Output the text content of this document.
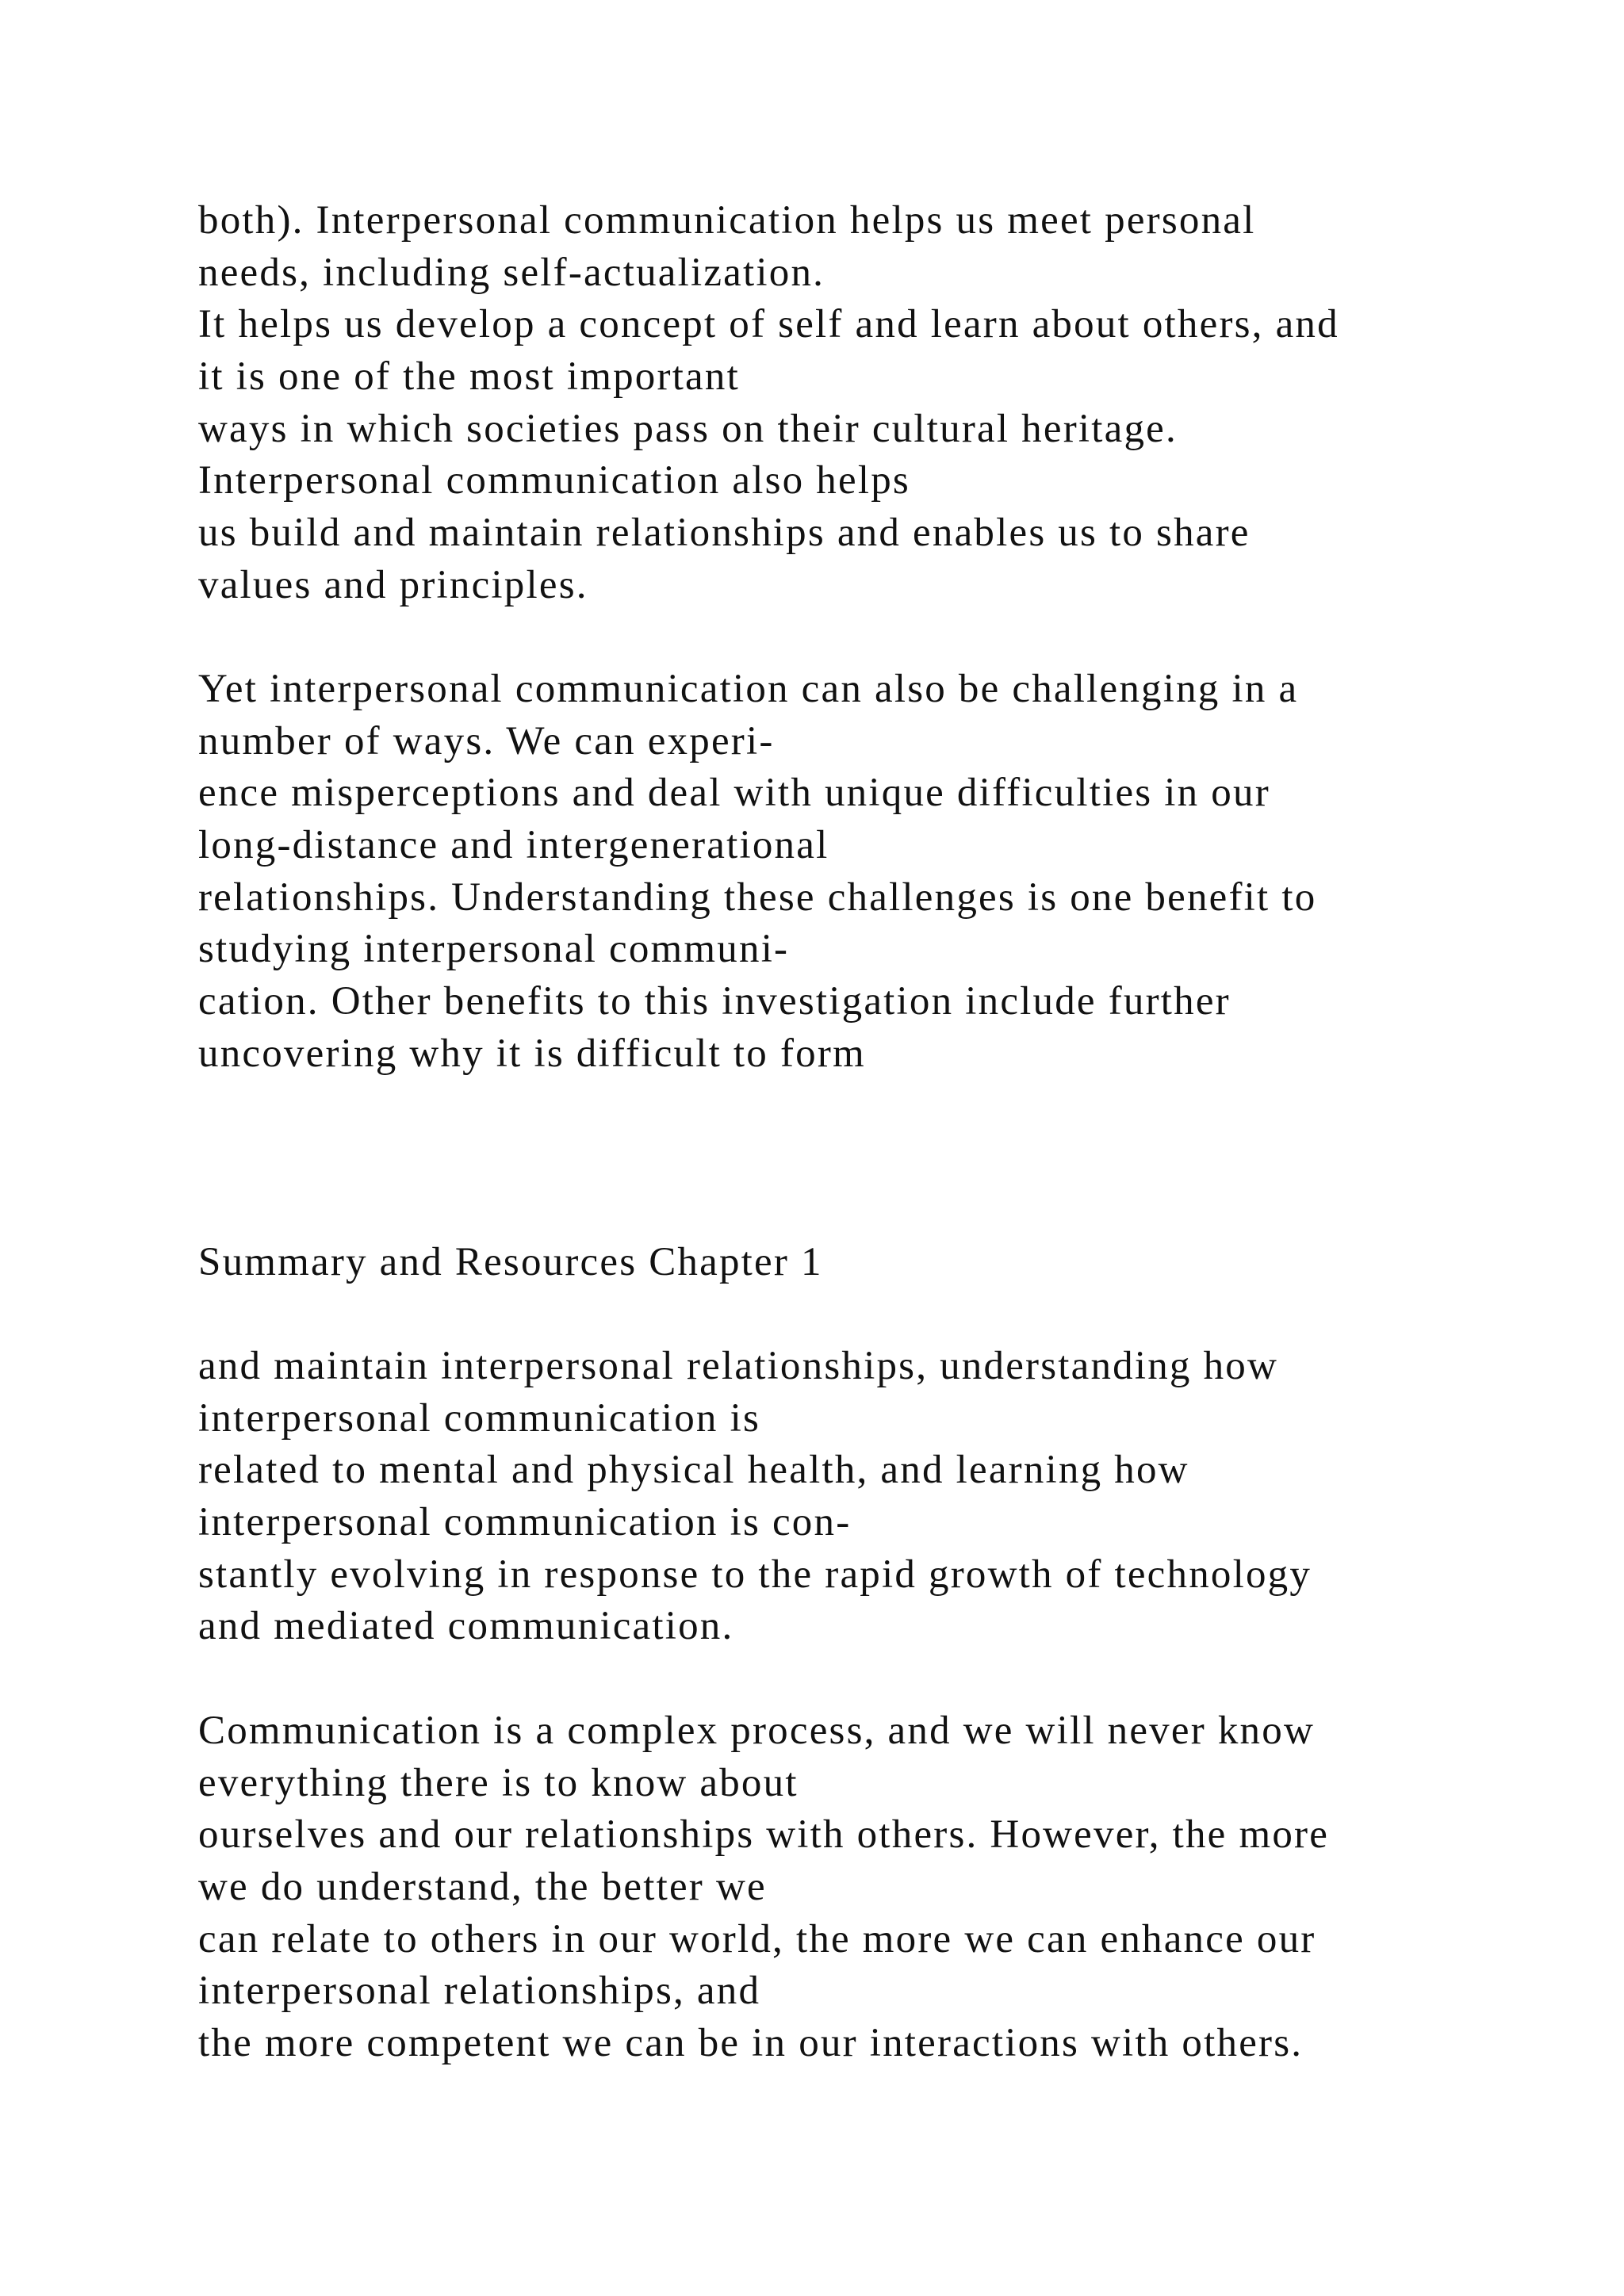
both). Interpersonal communication helps us meet personal
needs, including self-actualization.
It helps us develop a concept of self and learn about others, and
it is one of the most important
ways in which societies pass on their cultural heritage.
Interpersonal communication also helps
us build and maintain relationships and enables us to share
values and principles.
Yet interpersonal communication can also be challenging in a
number of ways. We can experi-
ence misperceptions and deal with unique difficulties in our
long-distance and intergenerational
relationships. Understanding these challenges is one benefit to
studying interpersonal communi-
cation. Other benefits to this investigation include further
uncovering why it is difficult to form
Summary and Resources Chapter 1
and maintain interpersonal relationships, understanding how
interpersonal communication is
related to mental and physical health, and learning how
interpersonal communication is con-
stantly evolving in response to the rapid growth of technology
and mediated communication.
Communication is a complex process, and we will never know
everything there is to know about
ourselves and our relationships with others. However, the more
we do understand, the better we
can relate to others in our world, the more we can enhance our
interpersonal relationships, and
the more competent we can be in our interactions with others.
